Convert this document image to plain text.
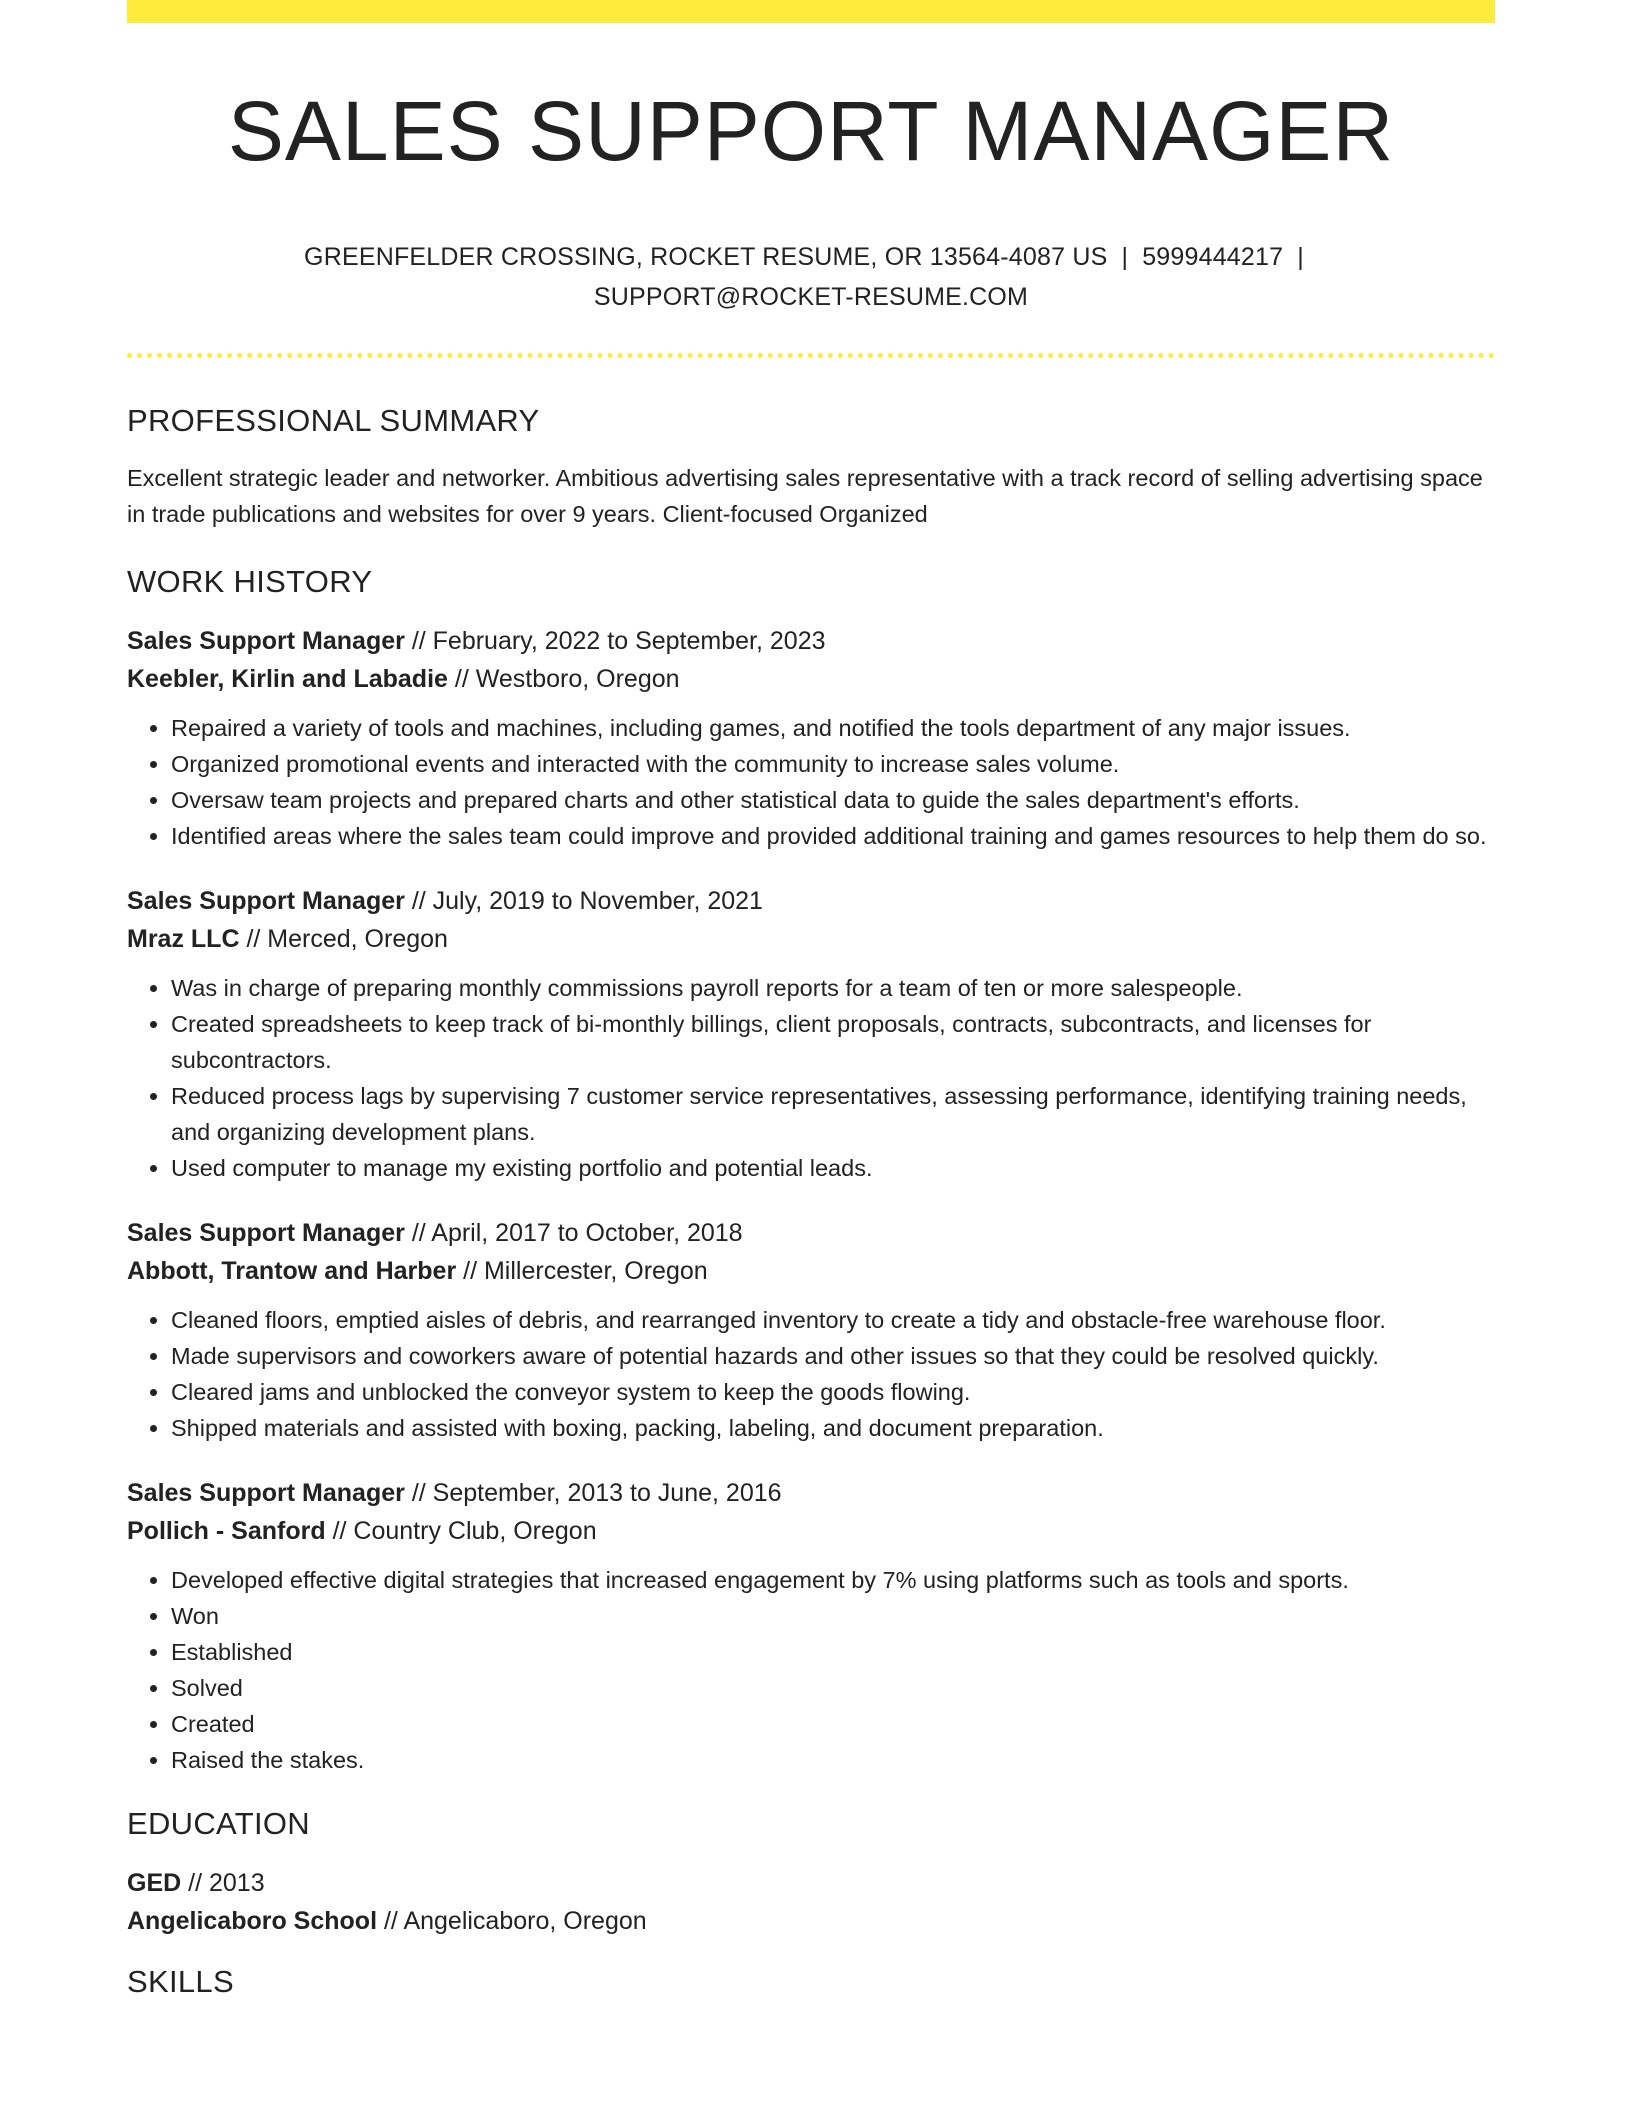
SALES SUPPORT MANAGER
GREENFELDER CROSSING, ROCKET RESUME, OR 13564-4087 US | 5999444217 |
SUPPORT@ROCKET-RESUME.COM
PROFESSIONAL SUMMARY

Excellent strategic leader and networker. Ambitious advertising sales representative with a track record of selling advertising space in trade publications and websites for over 9 years. Client-focused Organized

WORK HISTORY
Sales Support Manager // February, 2022 to September, 2023
Keebler, Kirlin and Labadie // Westboro, Oregon
• Repaired a variety of tools and machines, including games, and notified the tools department of any major issues.
• Organized promotional events and interacted with the community to increase sales volume.
• Oversaw team projects and prepared charts and other statistical data to guide the sales department's efforts.
• Identified areas where the sales team could improve and provided additional training and games resources to help them do so.
Sales Support Manager // July, 2019 to November, 2021
Mraz LLC // Merced, Oregon
• Was in charge of preparing monthly commissions payroll reports for a team of ten or more salespeople.
• Created spreadsheets to keep track of bi-monthly billings, client proposals, contracts, subcontracts, and licenses for subcontractors.
• Reduced process lags by supervising 7 customer service representatives, assessing performance, identifying training needs, and organizing development plans.
• Used computer to manage my existing portfolio and potential leads.
Sales Support Manager // April, 2017 to October, 2018
Abbott, Trantow and Harber // Millercester, Oregon
• Cleaned floors, emptied aisles of debris, and rearranged inventory to create a tidy and obstacle-free warehouse floor.
• Made supervisors and coworkers aware of potential hazards and other issues so that they could be resolved quickly.
• Cleared jams and unblocked the conveyor system to keep the goods flowing.
• Shipped materials and assisted with boxing, packing, labeling, and document preparation.
Sales Support Manager // September, 2013 to June, 2016
Pollich - Sanford // Country Club, Oregon
• Developed effective digital strategies that increased engagement by 7% using platforms such as tools and sports.
• Won
• Established
• Solved
• Created
• Raised the stakes.
EDUCATION
GED // 2013
Angelicaboro School // Angelicaboro, Oregon
SKILLS
